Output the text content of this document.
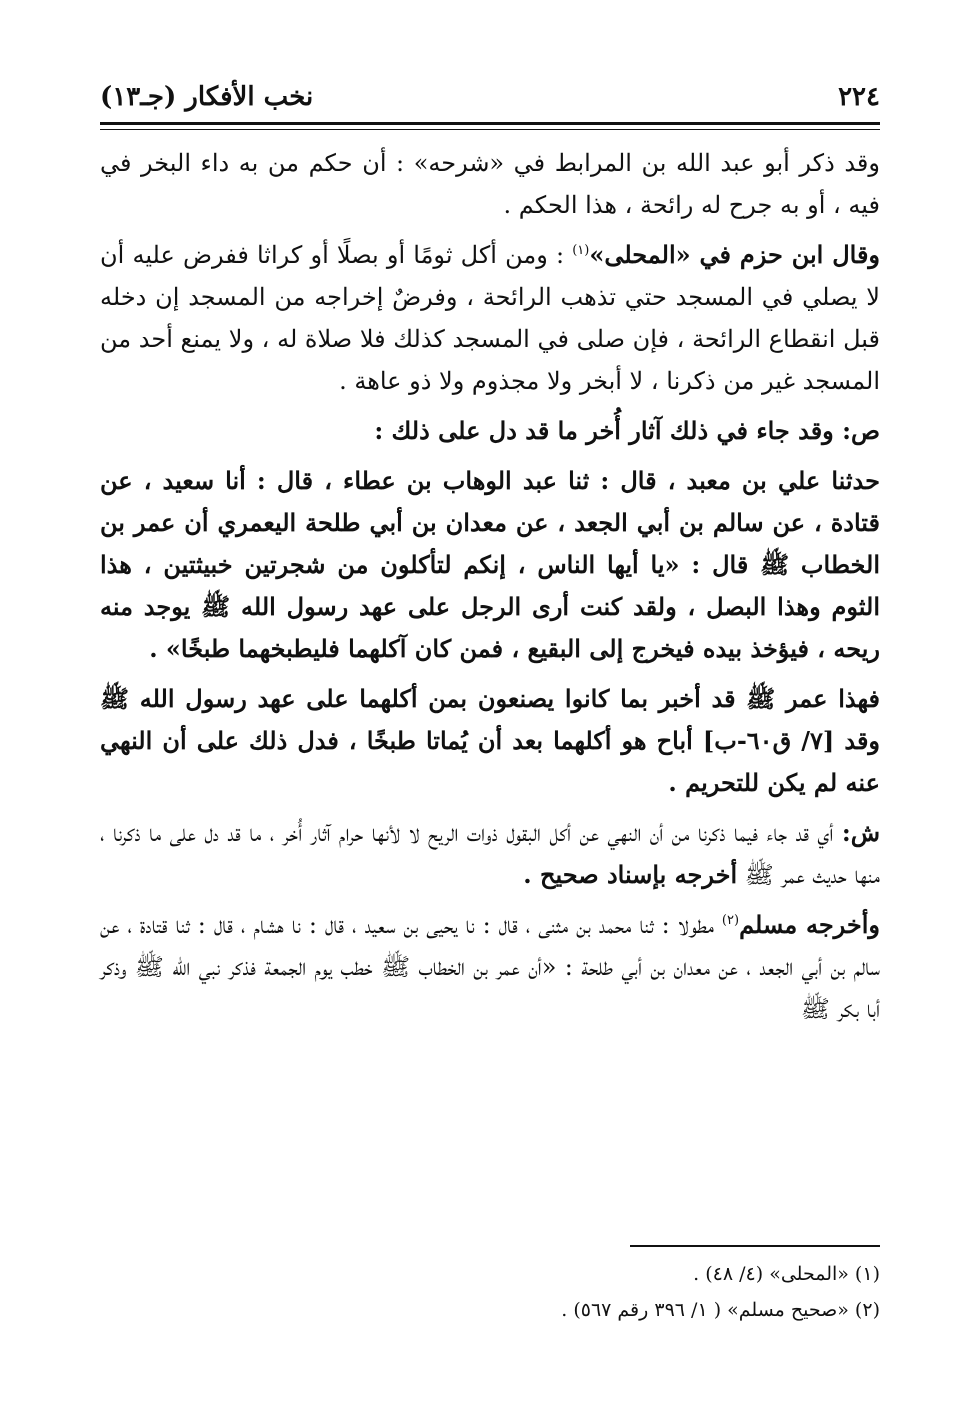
٢٢٤
نخب الأفكار (جـ١٣)

وقد ذكر أبو عبد الله بن المرابط في «شرحه» : أن حكم من به داء البخر في فيه ، أو به جرح له رائحة ، هذا الحكم .

وقال ابن حزم في «المحلى»$^{(١)}$ : ومن أكل ثومًا أو بصلًا أو كراثا ففرض عليه أن لا يصلي في المسجد حتي تذهب الرائحة ، وفرضٌ إخراجه من المسجد إن دخله قبل انقطاع الرائحة ، فإن صلى في المسجد كذلك فلا صلاة له ، ولا يمنع أحد من المسجد غير من ذكرنا ، لا أبخر ولا مجذوم ولا ذو عاهة .

ص: وقد جاء في ذلك آثار أُخر ما قد دل على ذلك :

حدثنا علي بن معبد ، قال : ثنا عبد الوهاب بن عطاء ، قال : أنا سعيد ، عن قتادة ، عن سالم بن أبي الجعد ، عن معدان بن أبي طلحة اليعمري أن عمر بن الخطاب ﷺ قال : «يا أيها الناس ، إنكم لتأكلون من شجرتين خبيثتين ، هذا الثوم وهذا البصل ، ولقد كنت أرى الرجل على عهد رسول الله ﷺ يوجد منه ريحه ، فيؤخذ بيده فيخرج إلى البقيع ، فمن كان آكلهما فليطبخهما طبخًا» .

فهذا عمر ﷺ قد أخبر بما كانوا يصنعون بمن أكلهما على عهد رسول الله ﷺ وقد [٧/ ق٦٠-ب] أباح هو أكلهما بعد أن يُماتا طبخًا ، فدل ذلك على أن النهي عنه لم يكن للتحريم .

ش: أي قد جاء فيما ذكرنا من أن النهي عن أكل البقول ذوات الريح لا لأنها حرام آثار أُخر ، ما قد دل على ما ذكرنا ، منها حديث عمر ﷺ أخرجه بإسناد صحيح .

وأخرجه مسلم$^{(٢)}$ مطولا : ثنا محمد بن مثنى ، قال : نا يحيى بن سعيد ، قال : نا هشام ، قال : ثنا قتادة ، عن سالم بن أبي الجعد ، عن معدان بن أبي طلحة : «أن عمر بن الخطاب ﷺ خطب يوم الجمعة فذكر نبي الله ﷺ وذكر أبا بكر ﷺ

(١) «المحلى» (٤/ ٤٨) .
(٢) «صحيح مسلم» ( ١/ ٣٩٦ رقم ٥٦٧) .
